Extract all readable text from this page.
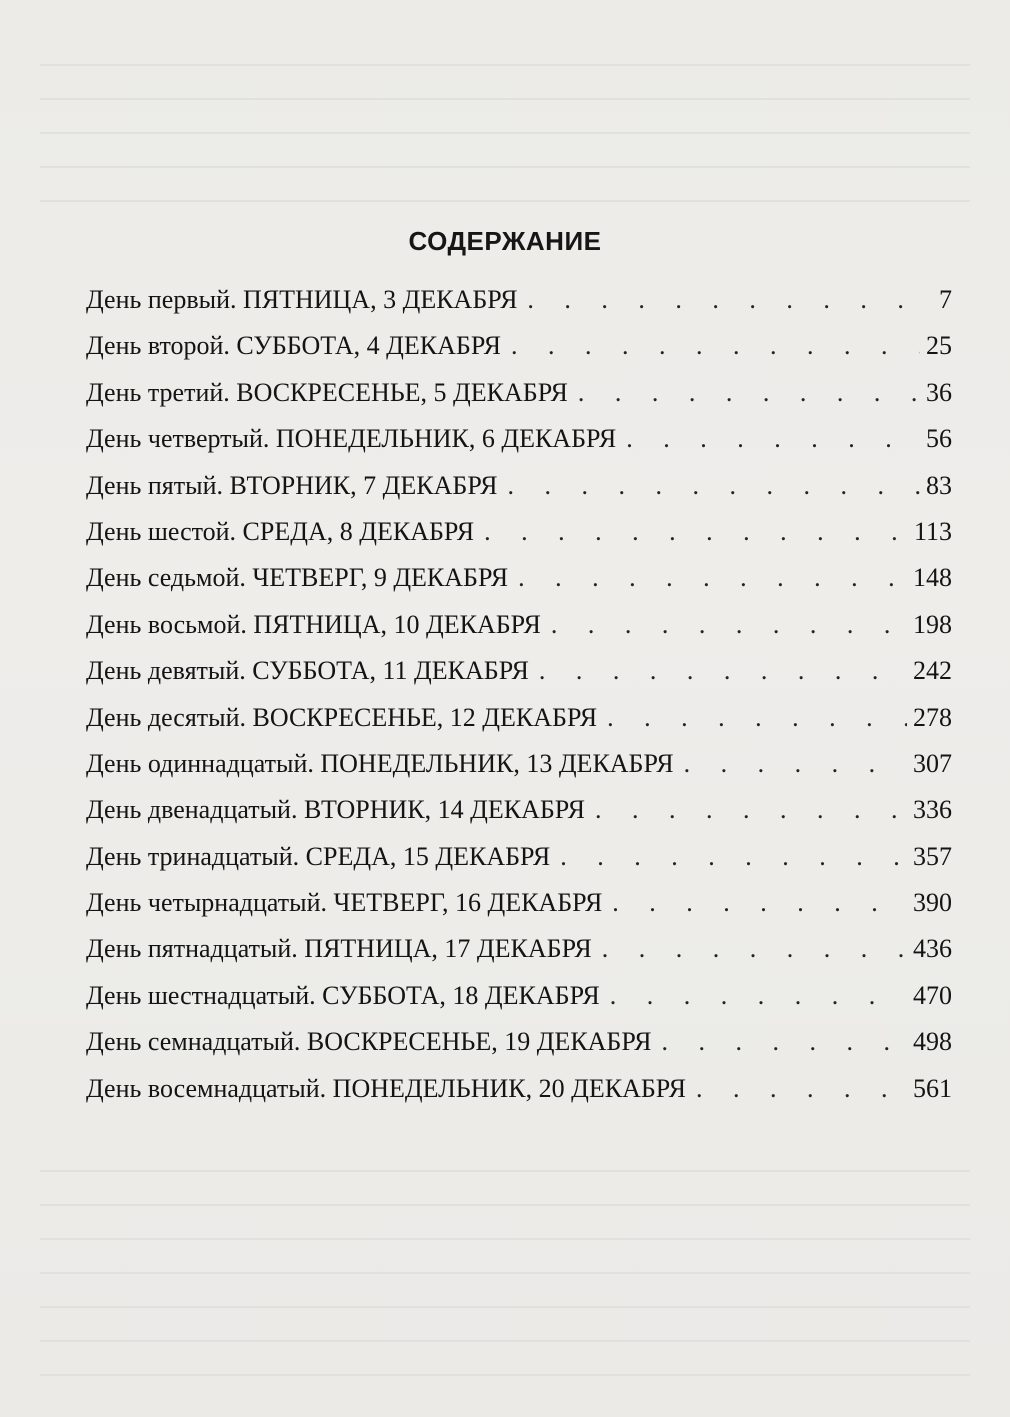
СОДЕРЖАНИЕ
День первый. ПЯТНИЦА, 3 ДЕКАБРЯ . . .	7
День второй. СУББОТА, 4 ДЕКАБРЯ . . .	25
День третий. ВОСКРЕСЕНЬЕ, 5 ДЕКАБРЯ . . .	36
День четвертый. ПОНЕДЕЛЬНИК, 6 ДЕКАБРЯ . . .	56
День пятый. ВТОРНИК, 7 ДЕКАБРЯ . . .	83
День шестой. СРЕДА, 8 ДЕКАБРЯ . . .	113
День седьмой. ЧЕТВЕРГ, 9 ДЕКАБРЯ . . .	148
День восьмой. ПЯТНИЦА, 10 ДЕКАБРЯ . . .	198
День девятый. СУББОТА, 11 ДЕКАБРЯ . . .	242
День десятый. ВОСКРЕСЕНЬЕ, 12 ДЕКАБРЯ . . .	278
День одиннадцатый. ПОНЕДЕЛЬНИК, 13 ДЕКАБРЯ . . .	307
День двенадцатый. ВТОРНИК, 14 ДЕКАБРЯ . . .	336
День тринадцатый. СРЕДА, 15 ДЕКАБРЯ . . .	357
День четырнадцатый. ЧЕТВЕРГ, 16 ДЕКАБРЯ . . .	390
День пятнадцатый. ПЯТНИЦА, 17 ДЕКАБРЯ . . .	436
День шестнадцатый. СУББОТА, 18 ДЕКАБРЯ . . .	470
День семнадцатый. ВОСКРЕСЕНЬЕ, 19 ДЕКАБРЯ . . .	498
День восемнадцатый. ПОНЕДЕЛЬНИК, 20 ДЕКАБРЯ . . .	561
